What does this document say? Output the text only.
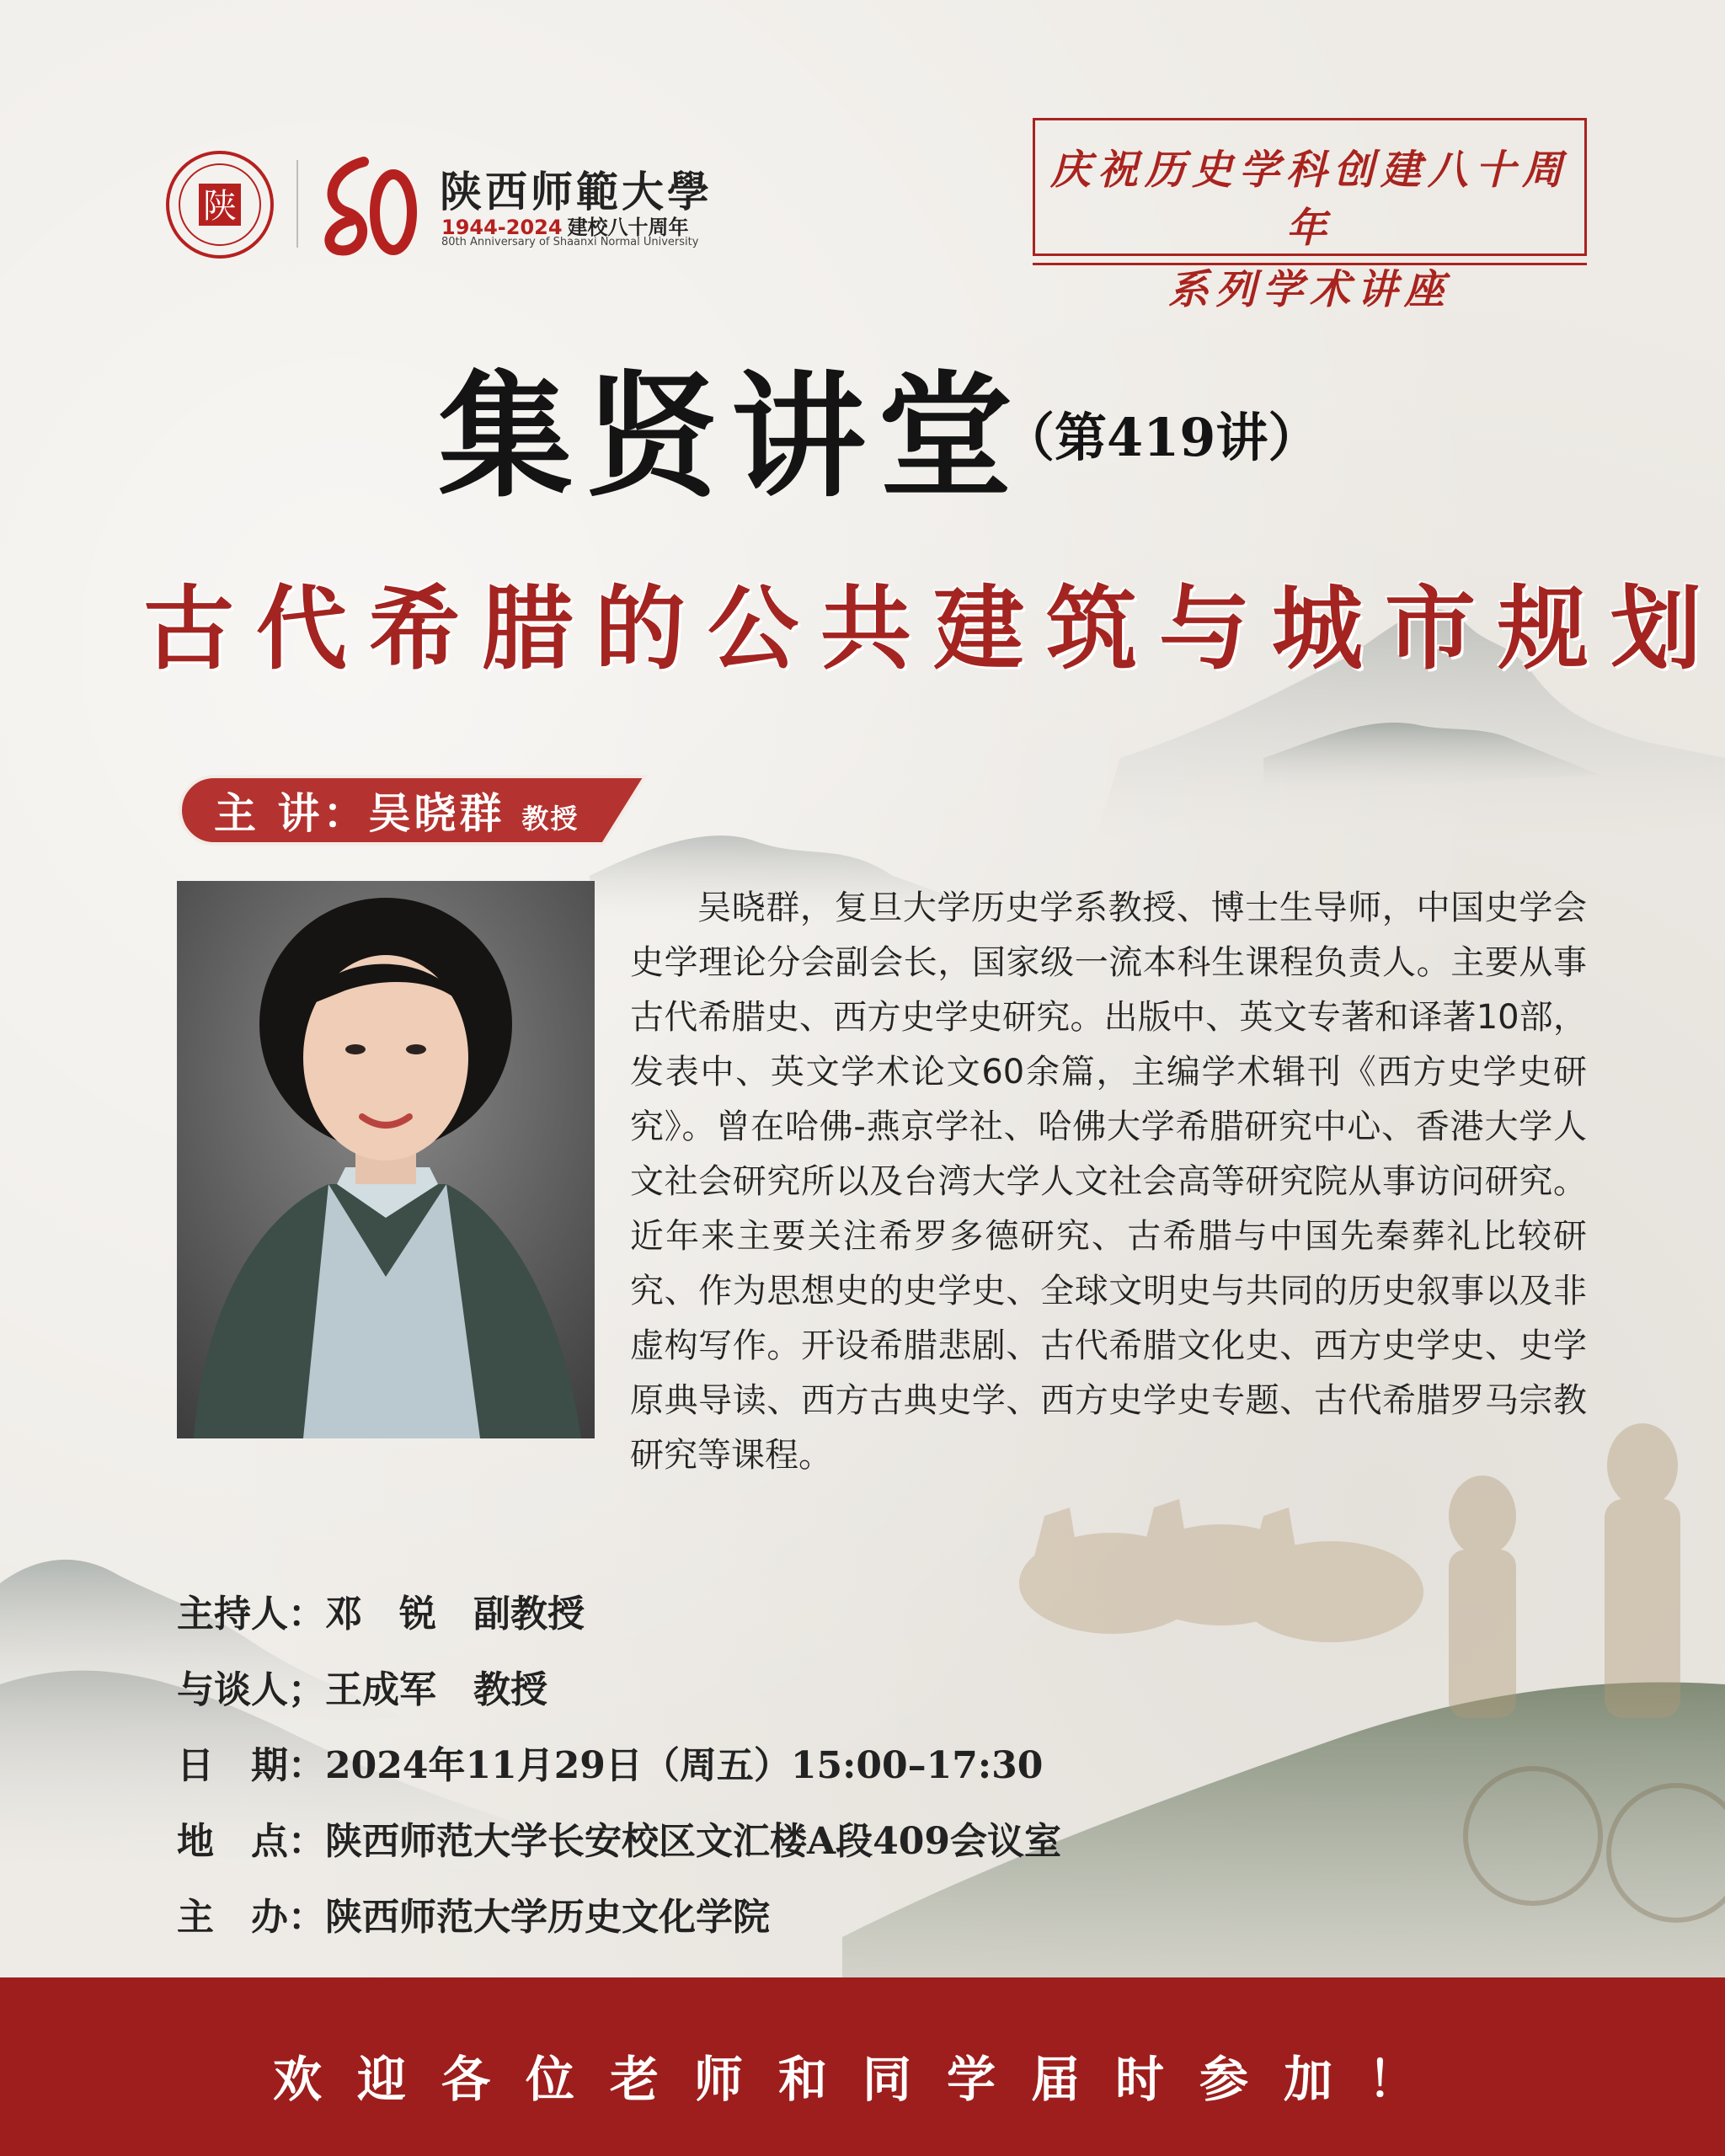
陕	陕西师範大學
1944-2024 建校八十周年
80th Anniversary of Shaanxi Normal University
庆祝历史学科创建八十周年
系列学术讲座
集贤讲堂
（第419讲）
古代希腊的公共建筑与城市规划
主 讲：吴晓群 教授
吴晓群，复旦大学历史学系教授、博士生导师，中国史学会史学理论分会副会长，国家级一流本科生课程负责人。主要从事古代希腊史、西方史学史研究。出版中、英文专著和译著10部，发表中、英文学术论文60余篇，主编学术辑刊《西方史学史研究》。曾在哈佛-燕京学社、哈佛大学希腊研究中心、香港大学人文社会研究所以及台湾大学人文社会高等研究院从事访问研究。近年来主要关注希罗多德研究、古希腊与中国先秦葬礼比较研究、作为思想史的史学史、全球文明史与共同的历史叙事以及非虚构写作。开设希腊悲剧、古代希腊文化史、西方史学史、史学原典导读、西方古典史学、西方史学史专题、古代希腊罗马宗教研究等课程。
主持人：邓　锐　副教授
与谈人；王成军　教授
日　期：2024年11月29日（周五）15:00–17:30
地　点：陕西师范大学长安校区文汇楼A段409会议室
主　办：陕西师范大学历史文化学院
欢迎各位老师和同学届时参加！
